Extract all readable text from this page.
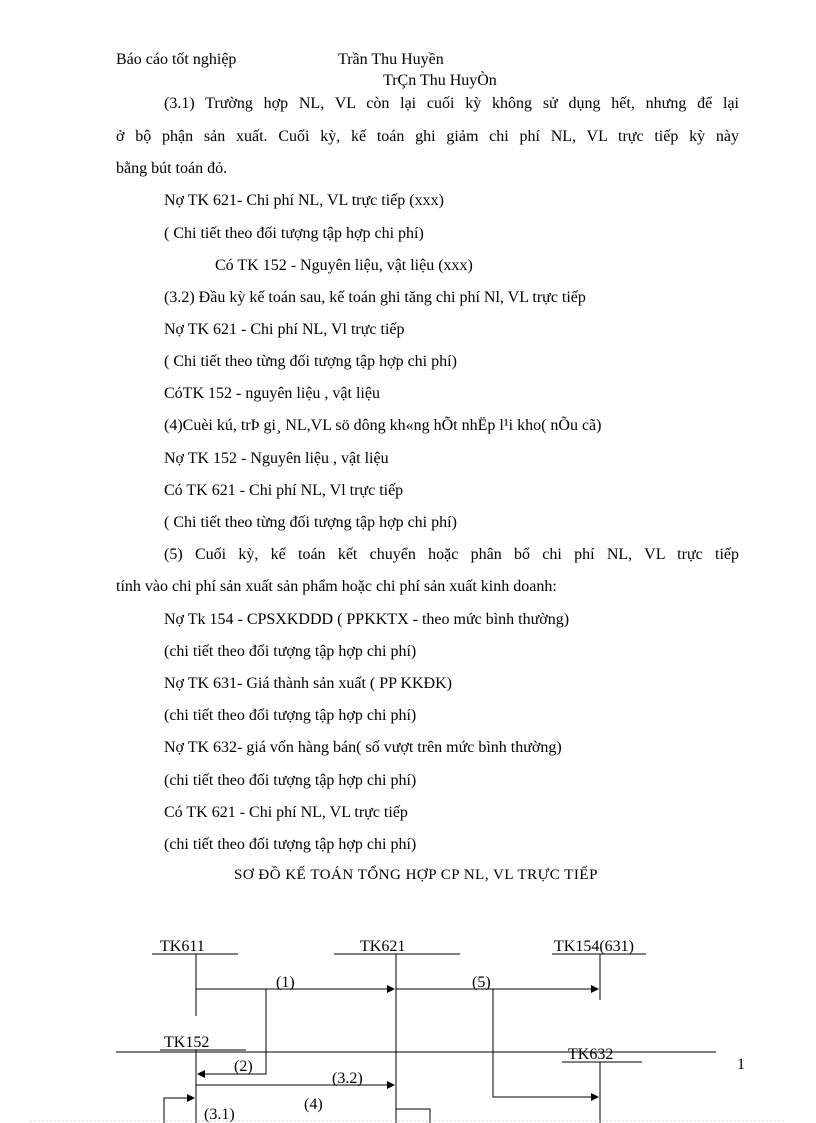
Báo cáo tốt nghiệp	Trần Thu Huyền
TrÇn Thu HuyÒn
(3.1) Trường hợp NL, VL còn lại cuối kỳ không sử dụng hết, nhưng để lại
ở bộ phận sản xuất. Cuối kỳ, kế toán ghi giảm chi phí NL, VL trực tiếp kỳ này
bằng bút toán đỏ.
Nợ TK 621- Chi phí NL, VL trực tiếp (xxx)
( Chi tiết theo đối tượng tập hợp chi phí)
Có TK 152 - Nguyên liệu, vật liệu (xxx)
(3.2) Đầu kỳ kế toán sau, kế toán ghi tăng chi phí Nl, VL trực tiếp
Nợ TK 621 - Chi phí NL, Vl trực tiếp
( Chi tiết theo từng đối tượng tập hợp chi phí)
CóTK 152 - nguyên liệu , vật liệu
(4)Cuèi kú, trÞ gi¸ NL,VL sö dông kh«ng hÕt nhËp l¹i kho( nÕu cã)
Nợ TK 152 - Nguyên liệu , vật liệu
Có TK 621 - Chi phí NL, Vl trực tiếp
( Chi tiết theo từng đối tượng tập hợp chi phí)
(5) Cuối kỳ, kế toán kết chuyển hoặc phân bổ chi phí NL, VL trực tiếp
tính vào chi phí sản xuất sản phẩm hoặc chi phí sản xuất kinh doanh:
Nợ Tk 154 - CPSXKDDD ( PPKKTX - theo mức bình thường)
(chi tiết theo đối tượng tập hợp chi phí)
Nợ TK 631- Giá thành sản xuất ( PP KKĐK)
(chi tiết theo đối tượng tập hợp chi phí)
Nợ TK 632- giá vốn hàng bán( số vượt trên mức bình thường)
(chi tiết theo đối tượng tập hợp chi phí)
Có TK 621 - Chi phí NL, VL trực tiếp
(chi tiết theo đối tượng tập hợp chi phí)
SƠ ĐỒ KẾ TOÁN TỔNG HỢP CP NL, VL TRỰC TIẾP
TK611	TK621	TK154(631)
TK152
TK632
(1)	(5)
(2)
(3.2)
(4)
(3.1)
1
